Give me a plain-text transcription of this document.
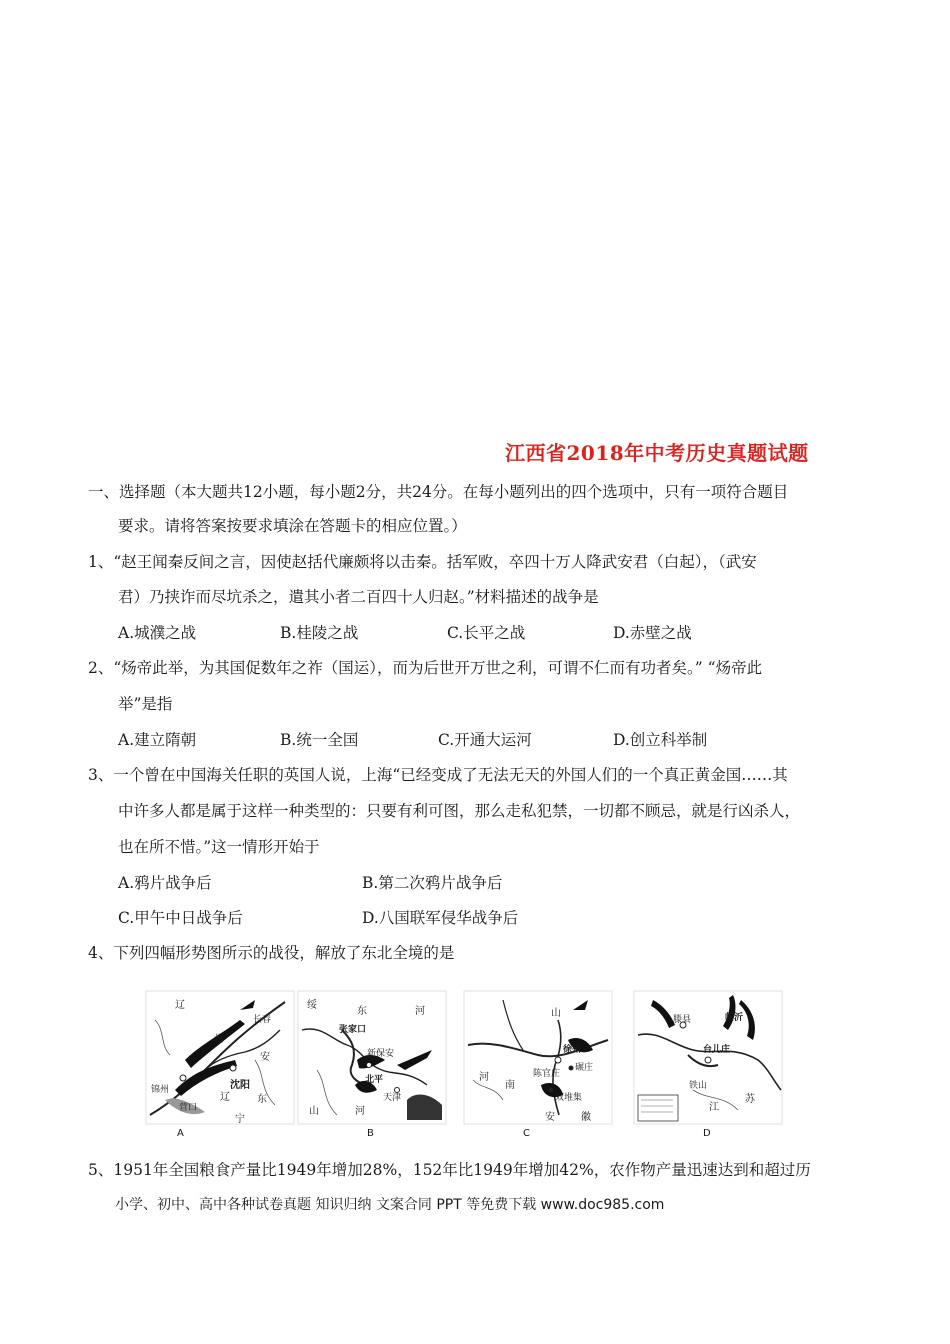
江西省2018年中考历史真题试题
一、选择题（本大题共12小题，每小题2分，共24分。在每小题列出的四个选项中，只有一项符合题目
要求。请将答案按要求填涂在答题卡的相应位置。）
1、“赵王闻秦反间之言，因使赵括代廉颇将以击秦。括军败，卒四十万人降武安君（白起），（武安
君）乃挟诈而尽坑杀之，遣其小者二百四十人归赵。”材料描述的战争是
A.城濮之战	B.桂陵之战	C.长平之战	D.赤壁之战
2、“炀帝此举，为其国促数年之祚（国运），而为后世开万世之利，可谓不仁而有功者矣。” “炀帝此
举”是指
A.建立隋朝	B.统一全国	C.开通大运河	D.创立科举制
3、一个曾在中国海关任职的英国人说，上海“已经变成了无法无天的外国人们的一个真正黄金国……其
中许多人都是属于这样一种类型的：只要有利可图，那么走私犯禁，一切都不顾忌，就是行凶杀人，
也在所不惜。”这一情形开始于
A.鸦片战争后	B.第二次鸦片战争后
C.甲午中日战争后	D.八国联军侵华战争后
4、下列四幅形势图所示的战役，解放了东北全境的是
辽
长春
北
沈阳
锦州
营口
安
东
辽
宁
A
绥
东	河
张家口
新保安
北平
天津
山	河
B
山
徐州
陈官庄
碾庄
双堆集
河
南
安	徽
C
滕县	临沂
台儿庄
铁山
江
苏
D
5、1951年全国粮食产量比1949年增加28%，152年比1949年增加42%，农作物产量迅速达到和超过历
小学、初中、高中各种试卷真题 知识归纳 文案合同 PPT 等免费下载 www.doc985.com
